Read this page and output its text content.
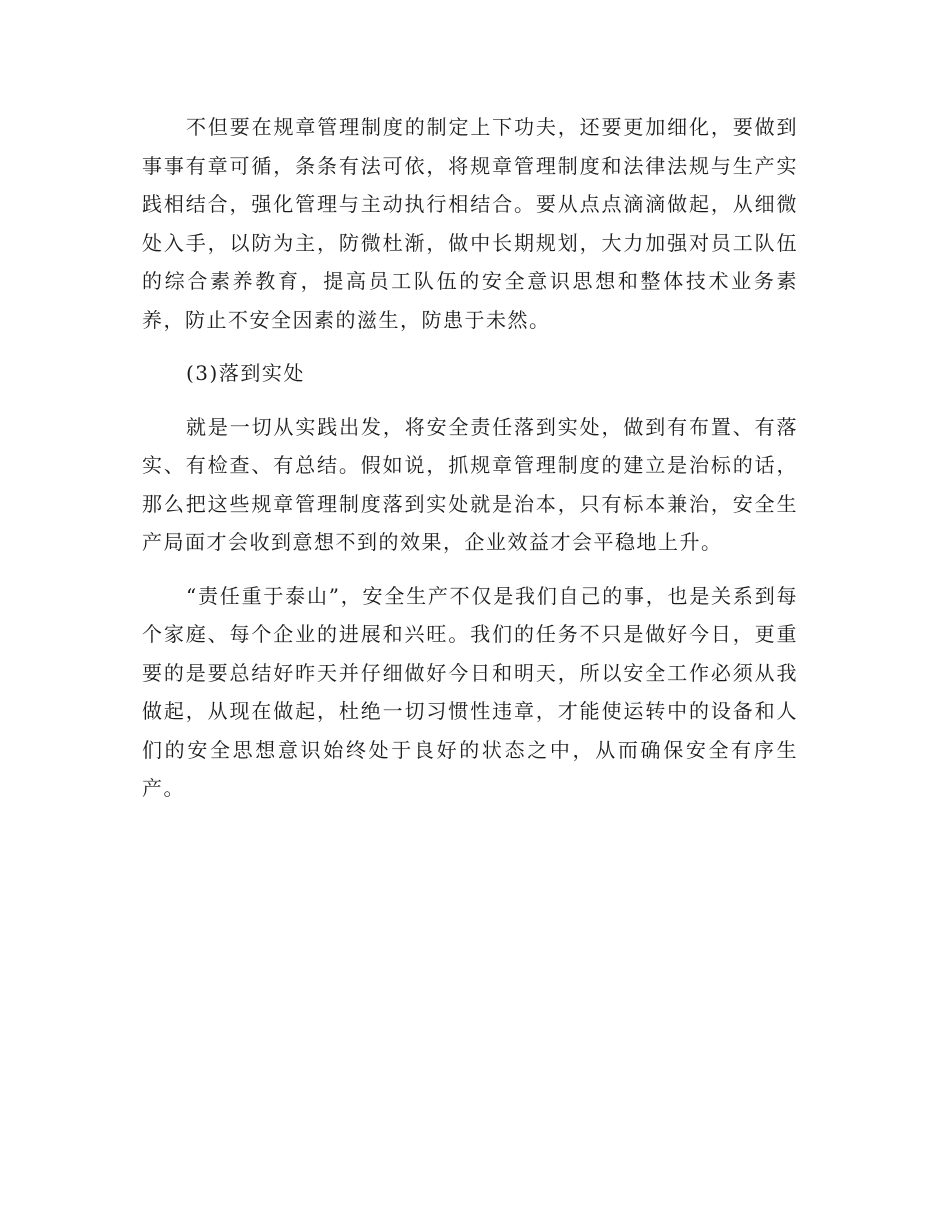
不但要在规章管理制度的制定上下功夫，还要更加细化，要做到事事有章可循，条条有法可依，将规章管理制度和法律法规与生产实践相结合，强化管理与主动执行相结合。要从点点滴滴做起，从细微处入手，以防为主，防微杜渐，做中长期规划，大力加强对员工队伍的综合素养教育，提高员工队伍的安全意识思想和整体技术业务素养，防止不安全因素的滋生，防患于未然。

(3)落到实处

就是一切从实践出发，将安全责任落到实处，做到有布置、有落实、有检查、有总结。假如说，抓规章管理制度的建立是治标的话，那么把这些规章管理制度落到实处就是治本，只有标本兼治，安全生产局面才会收到意想不到的效果，企业效益才会平稳地上升。

“责任重于泰山”，安全生产不仅是我们自己的事，也是关系到每个家庭、每个企业的进展和兴旺。我们的任务不只是做好今日，更重要的是要总结好昨天并仔细做好今日和明天，所以安全工作必须从我做起，从现在做起，杜绝一切习惯性违章，才能使运转中的设备和人们的安全思想意识始终处于良好的状态之中，从而确保安全有序生产。
